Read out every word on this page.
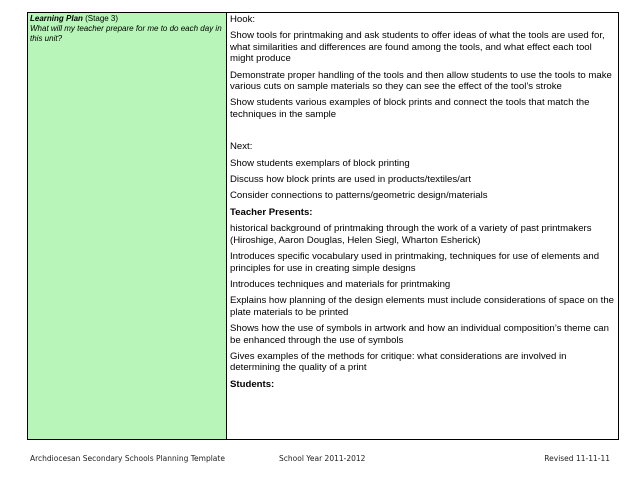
Learning Plan (Stage 3)
What will my teacher prepare for me to do each day in this unit?

Hook:

Show tools for printmaking and ask students to offer ideas of what the tools are used for, what similarities and differences are found among the tools, and what effect each tool might produce

Demonstrate proper handling of the tools and then allow students to use the tools to make various cuts on sample materials so they can see the effect of the tool’s stroke

Show students various examples of block prints and connect the tools that match the techniques in the sample

Next:

Show students exemplars of block printing

Discuss how block prints are used in products/textiles/art

Consider connections to patterns/geometric design/materials

Teacher Presents:

historical background of printmaking through the work of a variety of past printmakers (Hiroshige, Aaron Douglas, Helen Siegl, Wharton Esherick)

Introduces specific vocabulary used in printmaking, techniques for use of elements and principles for use in creating simple designs

Introduces techniques and materials for printmaking

Explains how planning of the design elements must include considerations of space on the plate materials to be printed

Shows how the use of symbols in artwork and how an individual composition’s theme can be enhanced through the use of symbols

Gives examples of the methods for critique: what considerations are involved in determining the quality of a print

Students:

Archdiocesan Secondary Schools Planning Template	School Year 2011-2012	Revised 11-11-11
